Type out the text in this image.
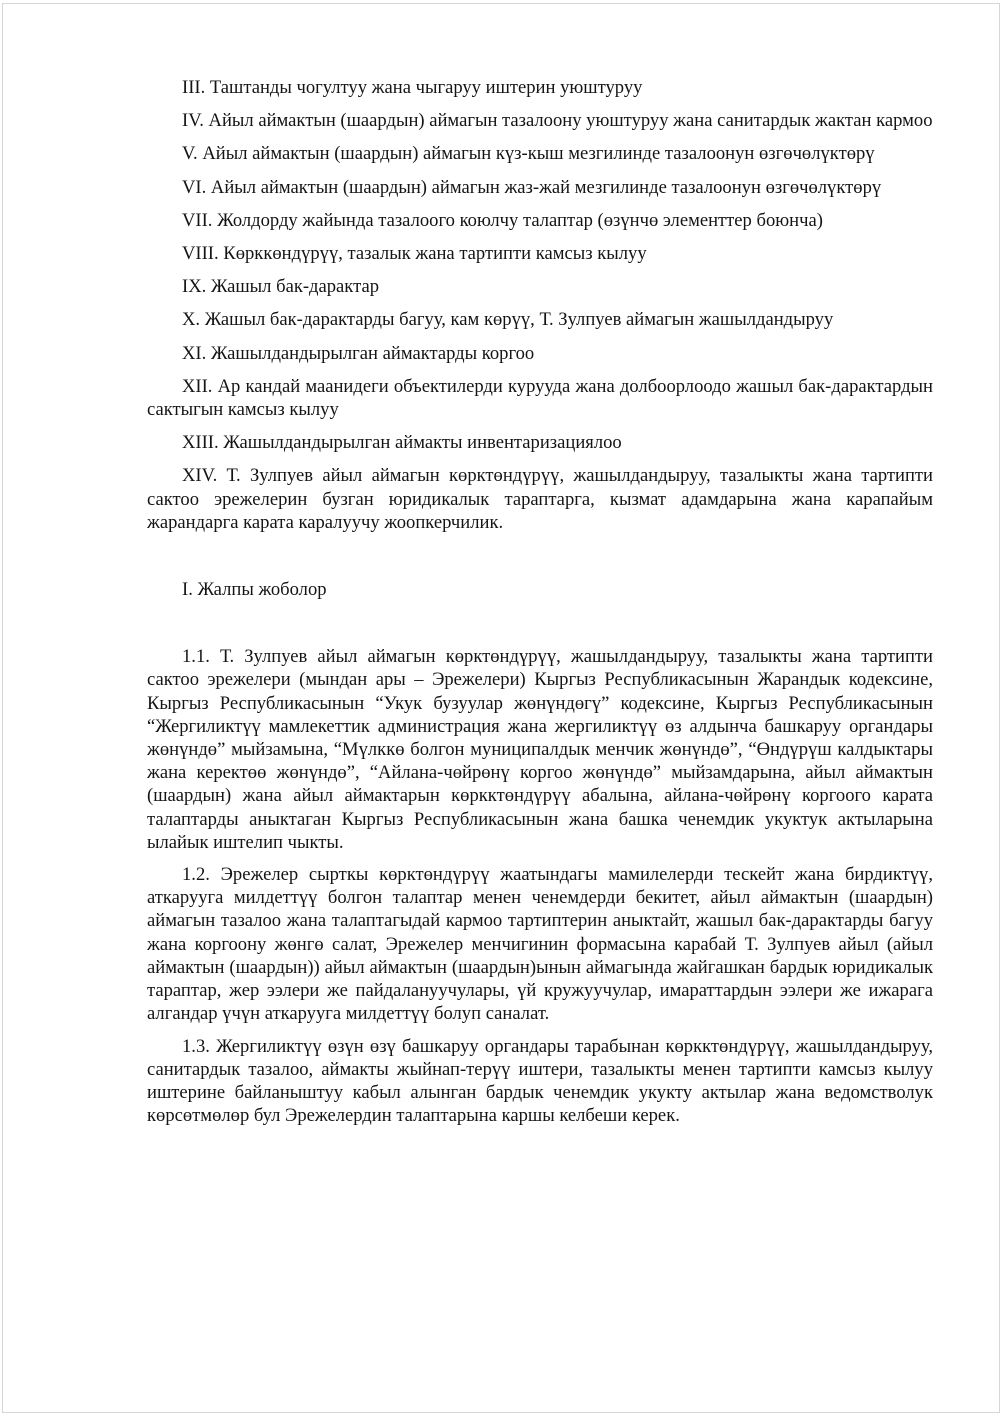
III. Таштанды чогултуу жана чыгаруу иштерин уюштуруу

IV. Айыл аймактын (шаардын) аймагын тазалоону уюштуруу жана санитардык жактан кармоо

V. Айыл аймактын (шаардын) аймагын күз-кыш мезгилинде тазалоонун өзгөчөлүктөрү

VI. Айыл аймактын (шаардын) аймагын жаз-жай мезгилинде тазалоонун өзгөчөлүктөрү

VII. Жолдорду жайында тазалоого коюлчу талаптар (өзүнчө элементтер боюнча)

VIII. Көрккөндүрүү, тазалык жана тартипти камсыз кылуу

IX. Жашыл бак-дарактар

X. Жашыл бак-дарактарды багуу, кам көрүү, Т. Зулпуев аймагын жашылдандыруу

XI. Жашылдандырылган аймактарды коргоо

XII. Ар кандай маанидеги объектилерди курууда жана долбоорлоодо жашыл бак-дарактардын сактыгын камсыз кылуу

XIII. Жашылдандырылган аймакты инвентаризациялоо

XIV. Т. Зулпуев айыл аймагын көрктөндүрүү, жашылдандыруу, тазалыкты жана тартипти сактоо эрежелерин бузган юридикалык тараптарга, кызмат адамдарына жана карапайым жарандарга карата каралуучу жоопкерчилик.

I. Жалпы жоболор

1.1. Т. Зулпуев айыл аймагын көрктөндүрүү, жашылдандыруу, тазалыкты жана тартипти сактоо эрежелери (мындан ары – Эрежелери) Кыргыз Республикасынын Жарандык кодексине, Кыргыз Республикасынын “Укук бузуулар жөнүндөгү” кодексине, Кыргыз Республикасынын “Жергиликтүү мамлекеттик администрация жана жергиликтүү өз алдынча башкаруу органдары жөнүндө” мыйзамына, “Мүлккө болгон муниципалдык менчик жөнүндө”, “Өндүрүш калдыктары жана керектөө жөнүндө”, “Айлана-чөйрөнү коргоо жөнүндө” мыйзамдарына, айыл аймактын (шаардын) жана айыл аймактарын көркктөндүрүү абалына, айлана-чөйрөнү коргоого карата талаптарды аныктаган Кыргыз Республикасынын жана башка ченемдик укуктук актыларына ылайык иштелип чыкты.

1.2. Эрежелер сырткы көрктөндүрүү жаатындагы мамилелерди тескейт жана бирдиктүү, аткарууга милдеттүү болгон талаптар менен ченемдерди бекитет, айыл аймактын (шаардын) аймагын тазалоо жана талаптагыдай кармоо тартиптерин аныктайт, жашыл бак-дарактарды багуу жана коргоону жөнгө салат, Эрежелер менчигинин формасына карабай Т. Зулпуев айыл (айыл аймактын (шаардын)) айыл аймактын (шаардын)ынын аймагында жайгашкан бардык юридикалык тараптар, жер ээлери же пайдалануучулары, үй кружуучулар, имараттардын ээлери же ижарага алгандар үчүн аткарууга милдеттүү болуп саналат.

1.3. Жергиликтүү өзүн өзү башкаруу органдары тарабынан көркктөндүрүү, жашылдандыруу, санитардык тазалоо, аймакты жыйнап-терүү иштери, тазалыкты менен тартипти камсыз кылуу иштерине байланыштуу кабыл алынган бардык ченемдик укукту актылар жана ведомстволук көрсөтмөлөр бул Эрежелердин талаптарына каршы келбеши керек.
